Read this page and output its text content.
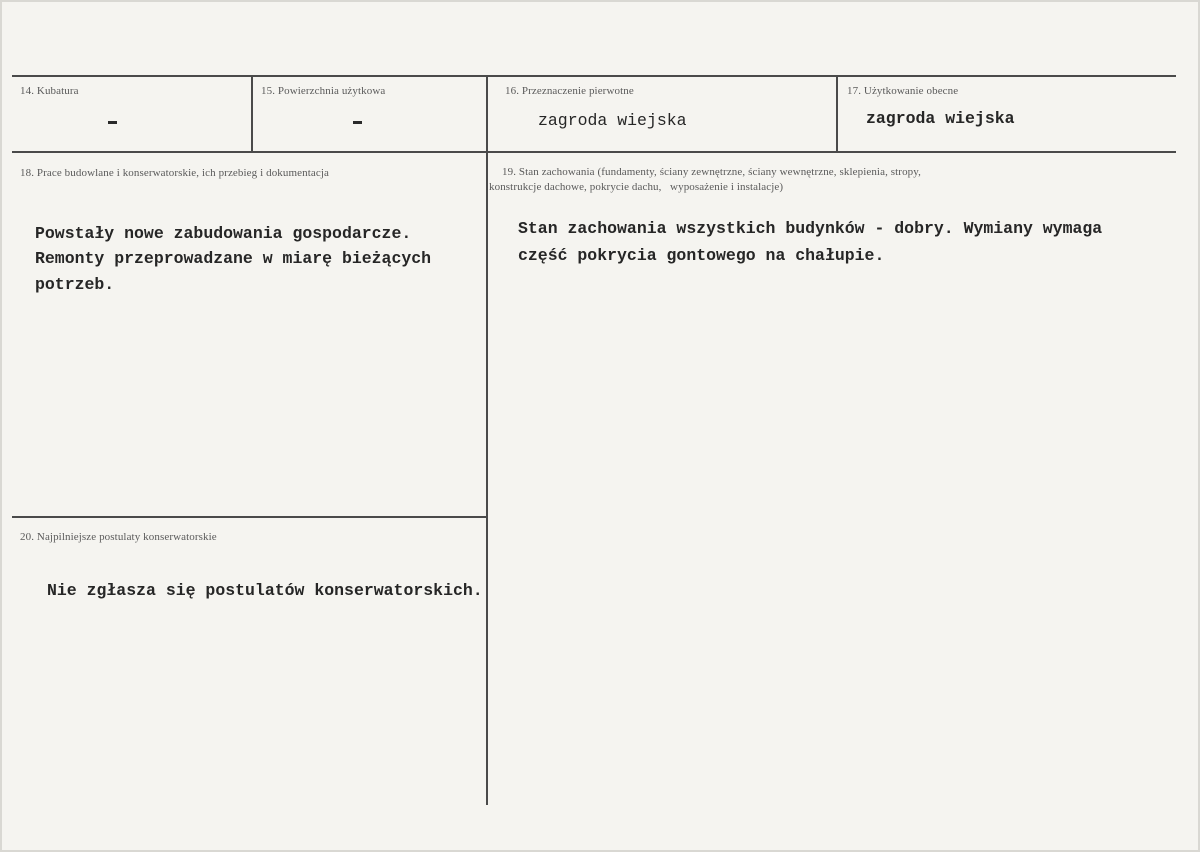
14. Kubatura	15. Powierzchnia użytkowa	16. Przeznaczenie pierwotne
zagroda wiejska
17. Użytkowanie obecne
zagroda wiejska
18. Prace budowlane i konserwatorskie, ich przebieg i dokumentacja
Powstały nowe zabudowania gospodarcze.
Remonty przeprowadzane w miarę bieżących
potrzeb.
19. Stan zachowania (fundamenty, ściany zewnętrzne, ściany wewnętrzne, sklepienia, stropy,
konstrukcje dachowe, pokrycie dachu,   wyposażenie i instalacje)
Stan zachowania wszystkich budynków - dobry. Wymiany wymaga
część pokrycia gontowego na chałupie.
20. Najpilniejsze postulaty konserwatorskie
Nie zgłasza się postulatów konserwatorskich.
